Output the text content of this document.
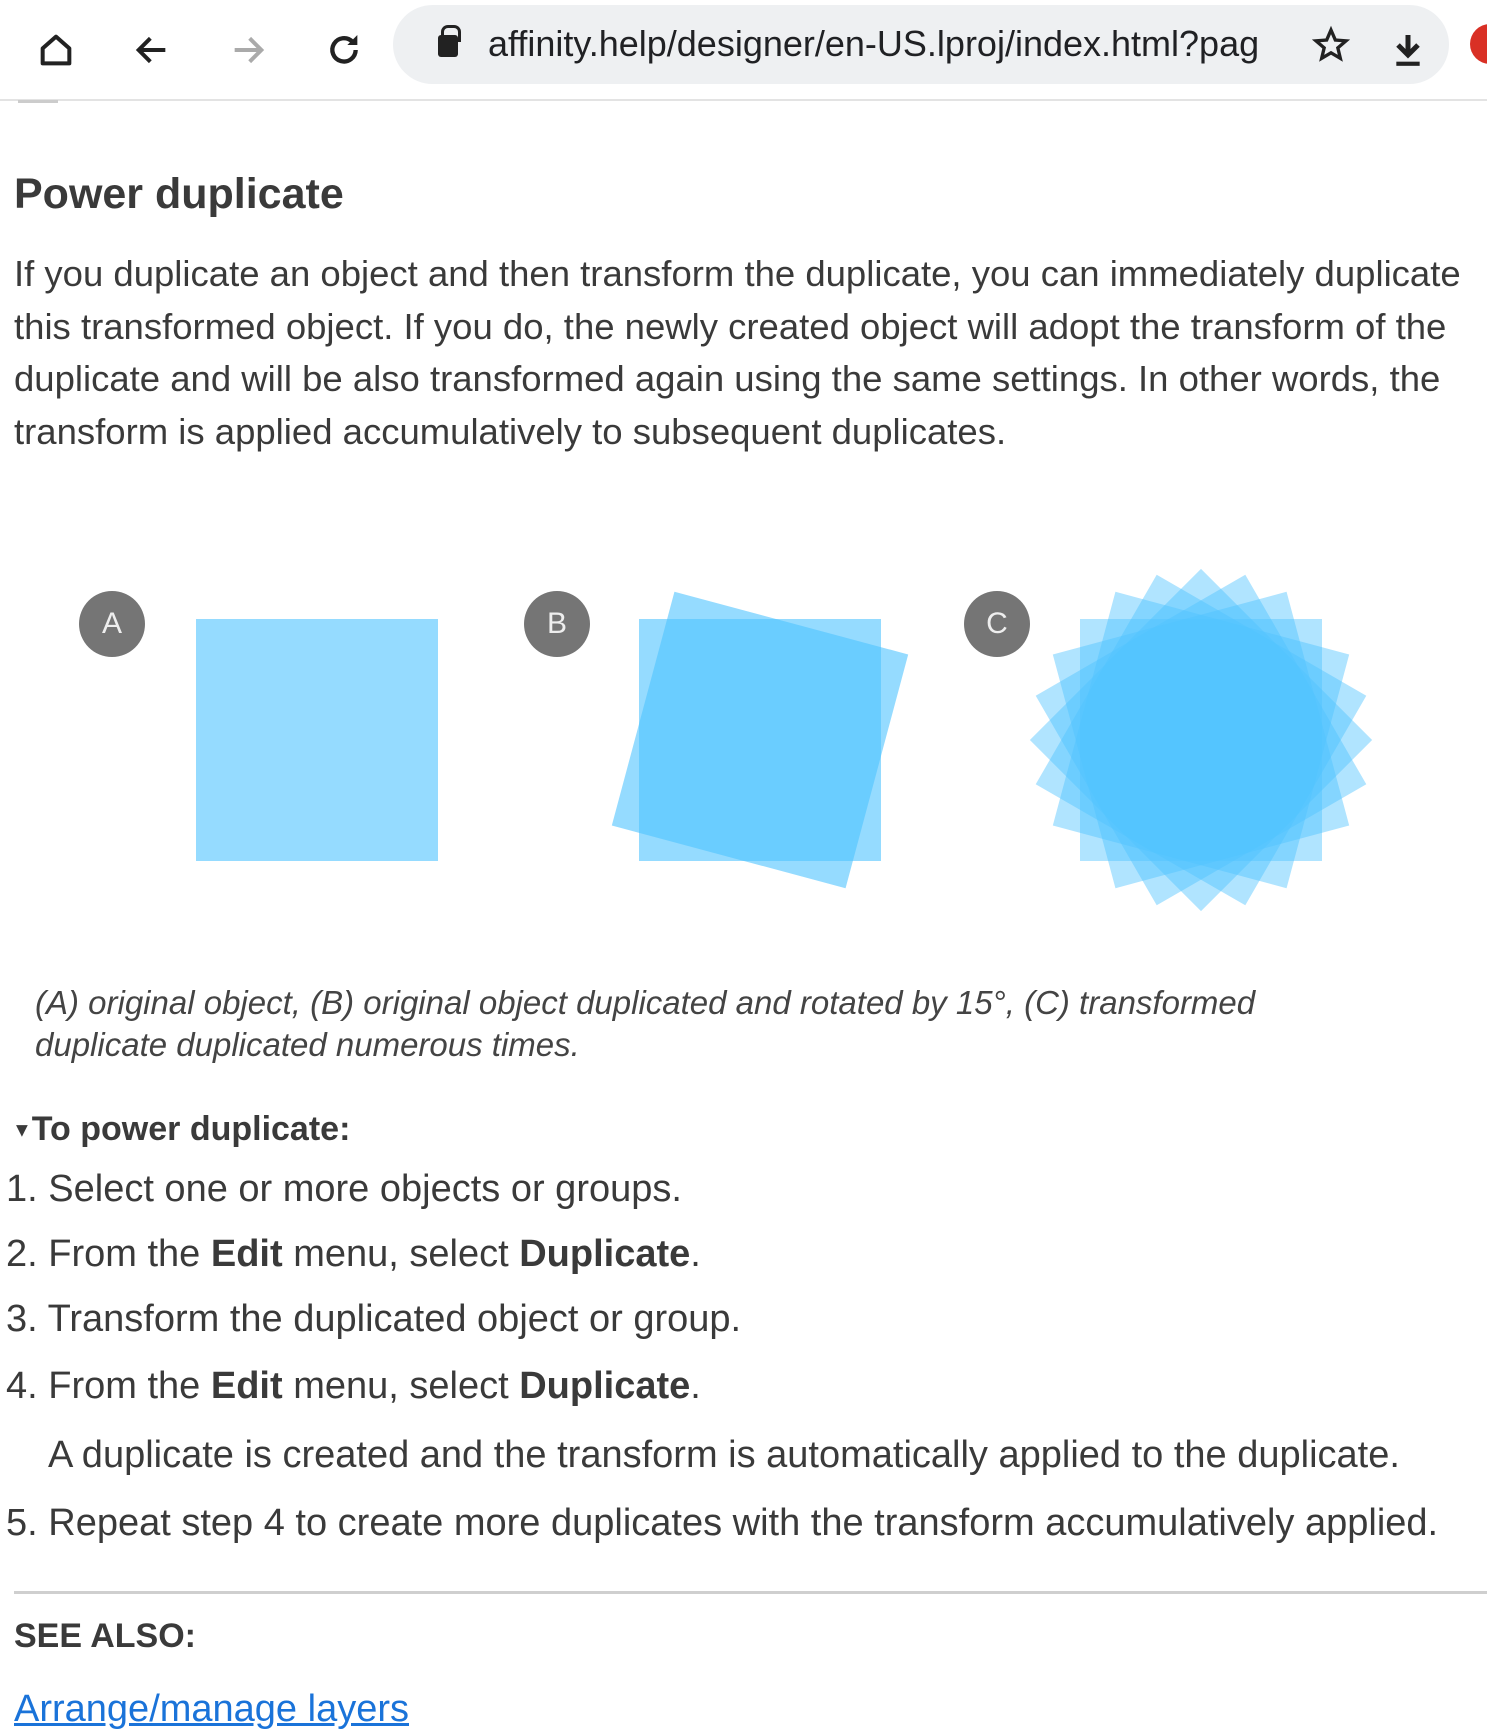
affinity.help/designer/en-US.lproj/index.html?pag
Power duplicate

If you duplicate an object and then transform the duplicate, you can immediately duplicate this transformed object. If you do, the newly created object will adopt the transform of the duplicate and will be also transformed again using the same settings. In other words, the transform is applied accumulatively to subsequent duplicates.

A	B	C

(A) original object, (B) original object duplicated and rotated by 15°, (C) transformed duplicate duplicated numerous times.

▼To power duplicate:
1. Select one or more objects or groups.
2. From the Edit menu, select Duplicate.
3. Transform the duplicated object or group.
4. From the Edit menu, select Duplicate.
A duplicate is created and the transform is automatically applied to the duplicate.
5. Repeat step 4 to create more duplicates with the transform accumulatively applied.
SEE ALSO:
Arrange/manage layers
